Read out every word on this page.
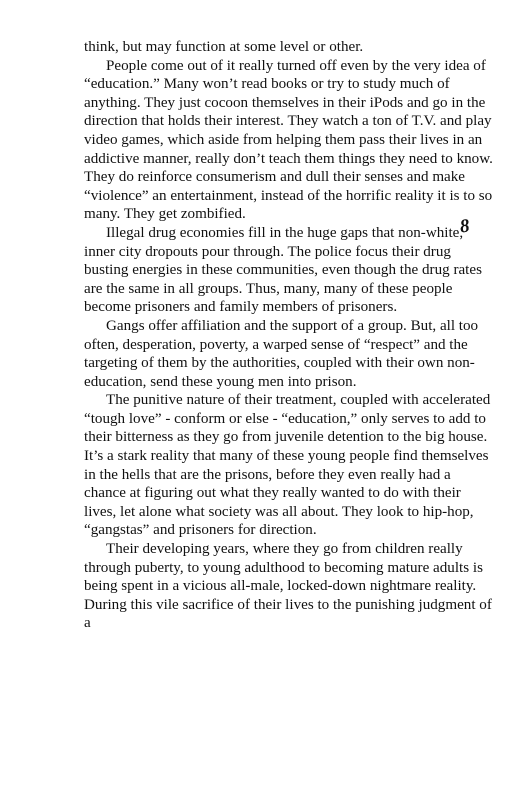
think, but may function at some level or other.

People come out of it really turned off even by the very idea of “education.” Many won’t read books or try to study much of anything. They just cocoon themselves in their iPods and go in the direction that holds their interest. They watch a ton of T.V. and play video games, which aside from helping them pass their lives in an addictive manner, really don’t teach them things they need to know. They do reinforce consumerism and dull their senses and make “violence” an entertainment, instead of the horrific reality it is to so many. They get zombified.

Illegal drug economies fill in the huge gaps that non-white, inner city dropouts pour through. The police focus their drug busting energies in these communities, even though the drug rates are the same in all groups. Thus, many, many of these people become prisoners and family members of prisoners.

Gangs offer affiliation and the support of a group. But, all too often, desperation, poverty, a warped sense of “respect” and the targeting of them by the authorities, coupled with their own non-education, send these young men into prison.

The punitive nature of their treatment, coupled with accelerated “tough love” - conform or else - “education,” only serves to add to their bitterness as they go from juvenile detention to the big house. It’s a stark reality that many of these young people find themselves in the hells that are the prisons, before they even really had a chance at figuring out what they really wanted to do with their lives, let alone what society was all about. They look to hip-hop, “gangstas” and prisoners for direction.

Their developing years, where they go from children really through puberty, to young adulthood to becoming mature adults is being spent in a vicious all-male, locked-down nightmare reality. During this vile sacrifice of their lives to the punishing judgment of a

8
